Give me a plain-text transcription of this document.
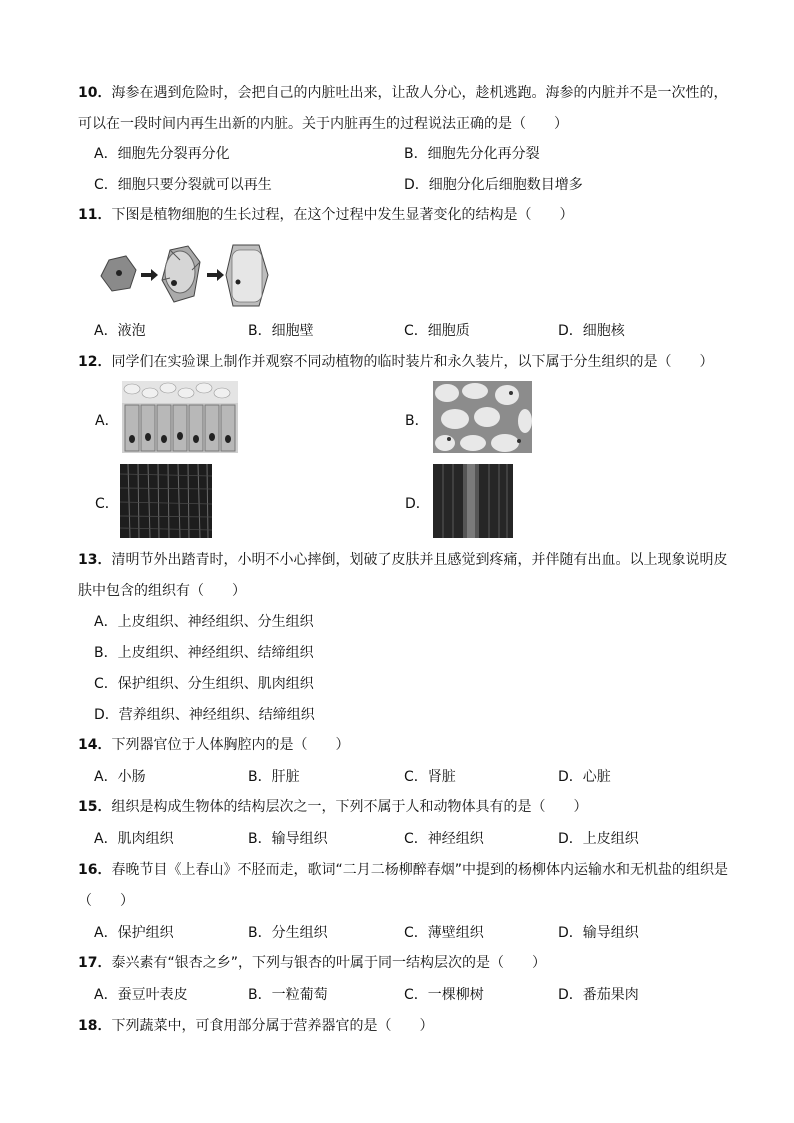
10．海参在遇到危险时，会把自己的内脏吐出来，让敌人分心，趁机逃跑。海参的内脏并不是一次性的，可以在一段时间内再生出新的内脏。关于内脏再生的过程说法正确的是（　　）
A．细胞先分裂再分化	B．细胞先分化再分裂
C．细胞只要分裂就可以再生	D．细胞分化后细胞数目增多
11．下图是植物细胞的生长过程，在这个过程中发生显著变化的结构是（　　）
A．液泡	B．细胞壁	C．细胞质	D．细胞核
12．同学们在实验课上制作并观察不同动植物的临时装片和永久装片，以下属于分生组织的是（　　）
A．	B．
C．	D．
13．清明节外出踏青时，小明不小心摔倒，划破了皮肤并且感觉到疼痛，并伴随有出血。以上现象说明皮肤中包含的组织有（　　）
A．上皮组织、神经组织、分生组织
B．上皮组织、神经组织、结缔组织
C．保护组织、分生组织、肌肉组织
D．营养组织、神经组织、结缔组织
14．下列器官位于人体胸腔内的是（　　）
A．小肠	B．肝脏	C．肾脏	D．心脏
15．组织是构成生物体的结构层次之一，下列不属于人和动物体具有的是（　　）
A．肌肉组织	B．输导组织	C．神经组织	D．上皮组织
16．春晚节目《上春山》不胫而走，歌词“二月二杨柳醉春烟”中提到的杨柳体内运输水和无机盐的组织是（　　）
A．保护组织	B．分生组织	C．薄壁组织	D．输导组织
17．泰兴素有“银杏之乡”，下列与银杏的叶属于同一结构层次的是（　　）
A．蚕豆叶表皮	B．一粒葡萄	C．一棵柳树	D．番茄果肉
18．下列蔬菜中，可食用部分属于营养器官的是（　　）
